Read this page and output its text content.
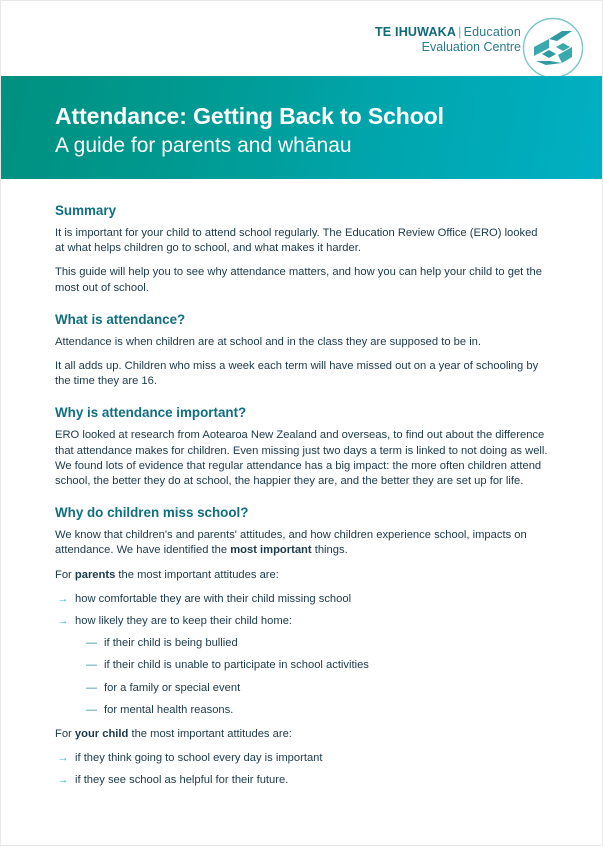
TE IHUWAKA | Education
Evaluation Centre
Attendance: Getting Back to School
A guide for parents and whānau
Summary

It is important for your child to attend school regularly. The Education Review Office (ERO) looked at what helps children go to school, and what makes it harder.

This guide will help you to see why attendance matters, and how you can help your child to get the most out of school.

What is attendance?

Attendance is when children are at school and in the class they are supposed to be in.

It all adds up. Children who miss a week each term will have missed out on a year of schooling by the time they are 16.

Why is attendance important?

ERO looked at research from Aotearoa New Zealand and overseas, to find out about the difference that attendance makes for children. Even missing just two days a term is linked to not doing as well. We found lots of evidence that regular attendance has a big impact: the more often children attend school, the better they do at school, the happier they are, and the better they are set up for life.

Why do children miss school?

We know that children's and parents' attitudes, and how children experience school, impacts on attendance. We have identified the most important things.

For parents the most important attitudes are:

→ how comfortable they are with their child missing school
→ how likely they are to keep their child home:
— if their child is being bullied
— if their child is unable to participate in school activities
— for a family or special event
— for mental health reasons.

For your child the most important attitudes are:

→ if they think going to school every day is important
→ if they see school as helpful for their future.
